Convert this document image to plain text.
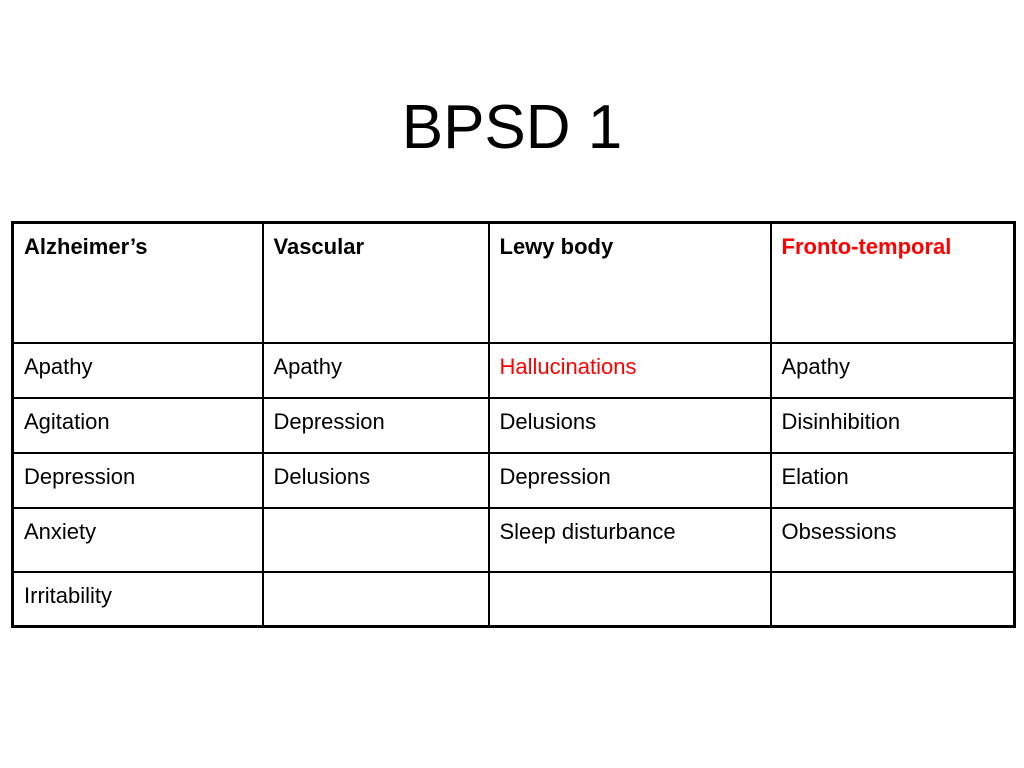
BPSD 1
Alzheimer’s	Vascular	Lewy body	Fronto-temporal
Apathy	Apathy	Hallucinations	Apathy
Agitation	Depression	Delusions	Disinhibition
Depression	Delusions	Depression	Elation
Anxiety		Sleep disturbance	Obsessions
Irritability			
